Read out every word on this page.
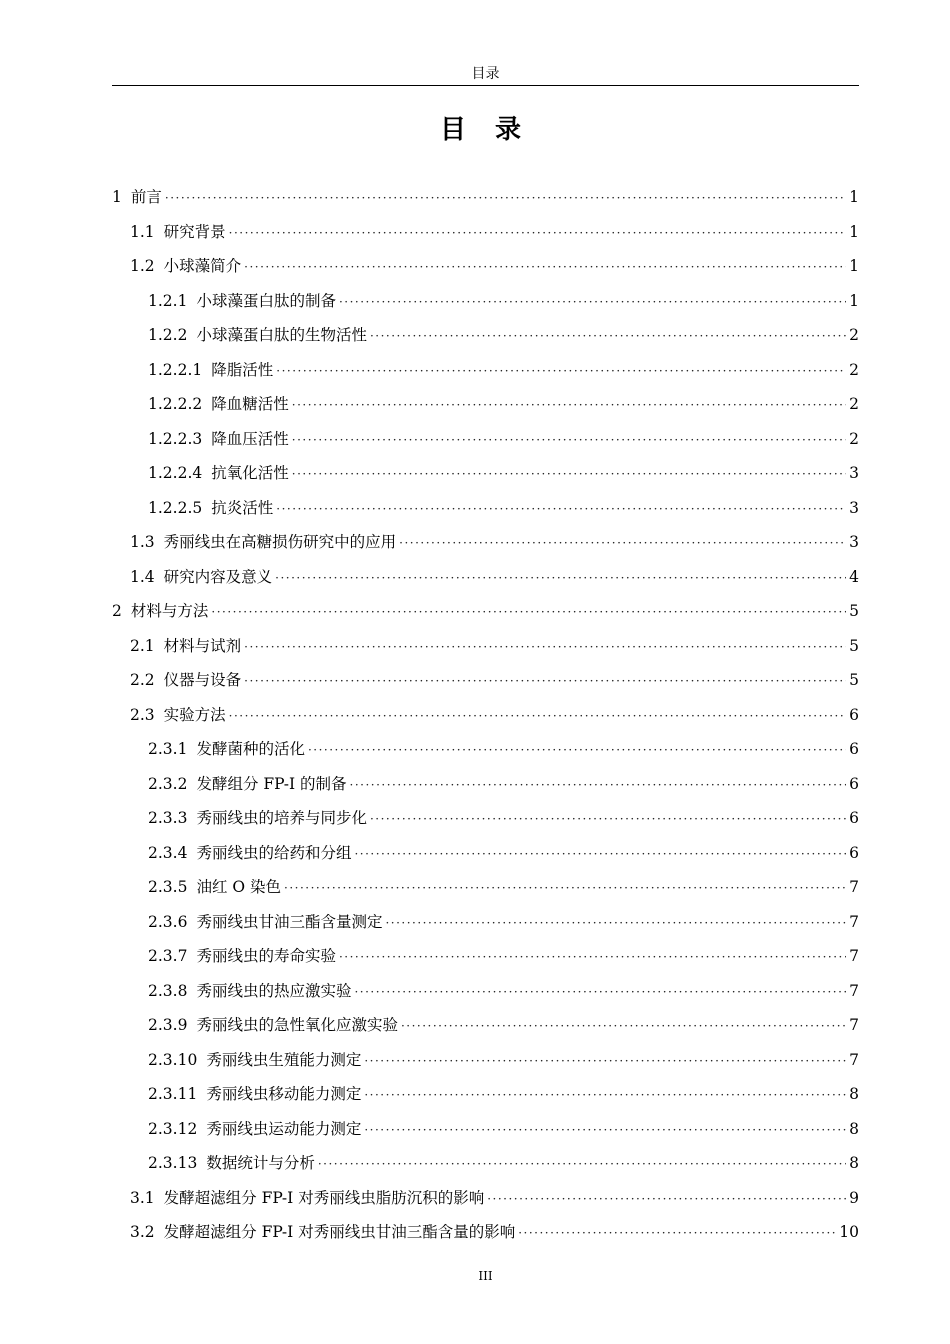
目录
目 录
1 前言 ·····	1
1.1 研究背景 ·····	1
1.2 小球藻简介 ·····	1
1.2.1 小球藻蛋白肽的制备 ·····	1
1.2.2 小球藻蛋白肽的生物活性 ·····	2
1.2.2.1 降脂活性 ·····	2
1.2.2.2 降血糖活性 ·····	2
1.2.2.3 降血压活性 ·····	2
1.2.2.4 抗氧化活性 ·····	3
1.2.2.5 抗炎活性 ·····	3
1.3 秀丽线虫在高糖损伤研究中的应用 ·····	3
1.4 研究内容及意义 ·····	4
2 材料与方法 ·····	5
2.1 材料与试剂 ·····	5
2.2 仪器与设备 ·····	5
2.3 实验方法 ·····	6
2.3.1 发酵菌种的活化 ·····	6
2.3.2 发酵组分 FP-I 的制备 ·····	6
2.3.3 秀丽线虫的培养与同步化 ·····	6
2.3.4 秀丽线虫的给药和分组 ·····	6
2.3.5 油红 O 染色 ·····	7
2.3.6 秀丽线虫甘油三酯含量测定 ·····	7
2.3.7 秀丽线虫的寿命实验 ·····	7
2.3.8 秀丽线虫的热应激实验 ·····	7
2.3.9 秀丽线虫的急性氧化应激实验 ·····	7
2.3.10 秀丽线虫生殖能力测定 ·····	7
2.3.11 秀丽线虫移动能力测定 ·····	8
2.3.12 秀丽线虫运动能力测定 ·····	8
2.3.13 数据统计与分析 ·····	8
3.1 发酵超滤组分 FP-I 对秀丽线虫脂肪沉积的影响 ·····	9
3.2 发酵超滤组分 FP-I 对秀丽线虫甘油三酯含量的影响 ·····	10
III
